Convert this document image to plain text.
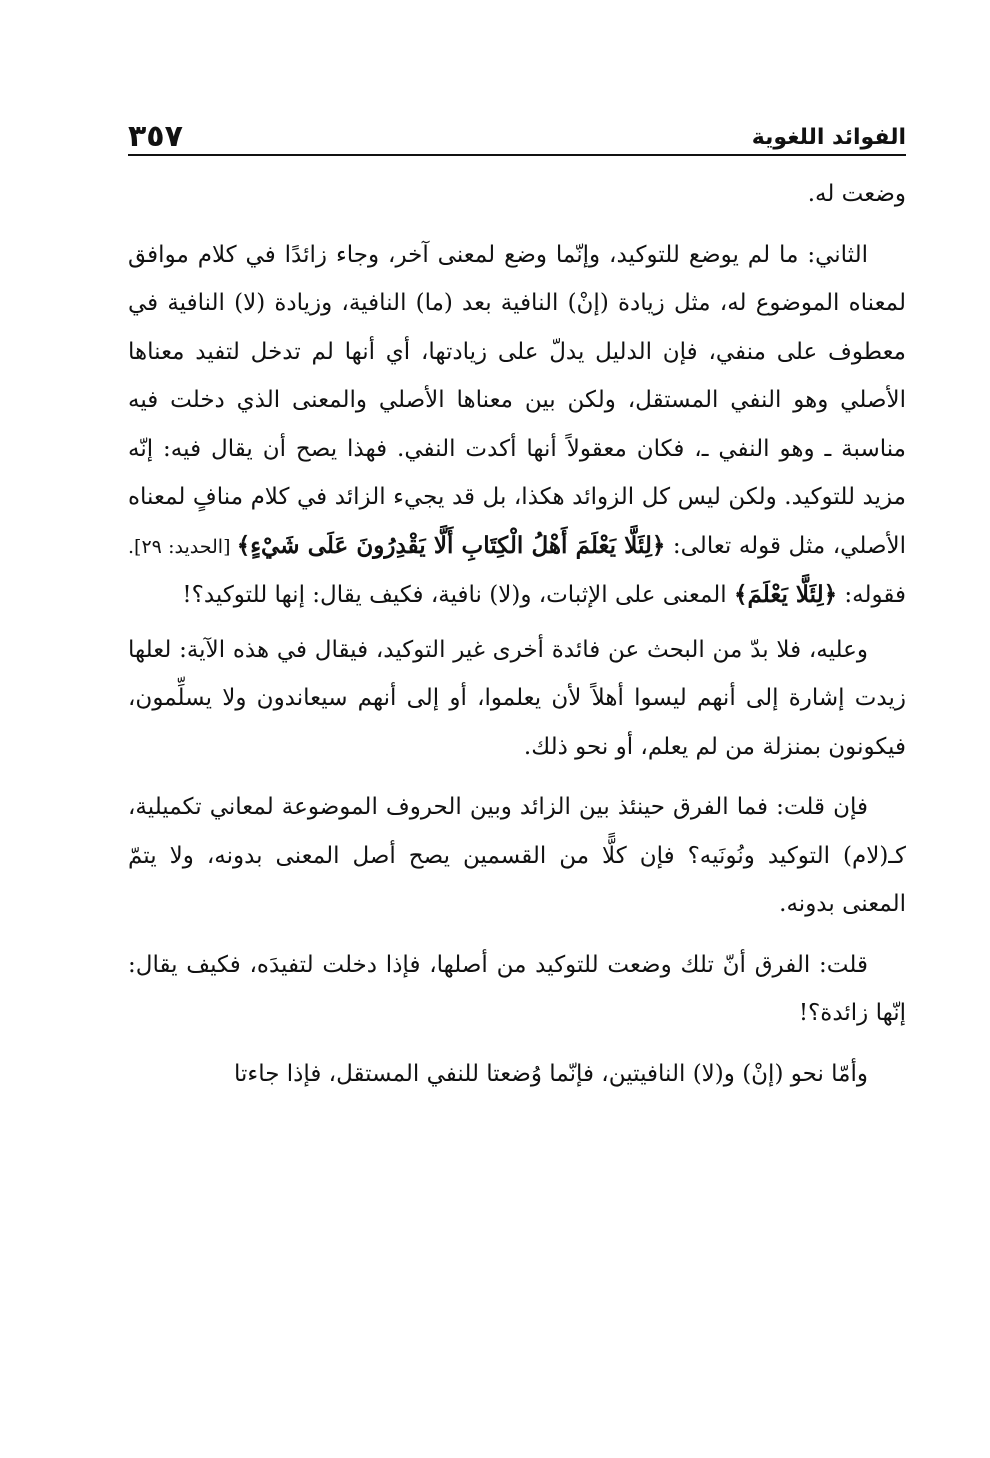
الفوائد اللغوية
٣٥٧

وضعت له.

الثاني: ما لم يوضع للتوكيد، وإنّما وضع لمعنى آخر، وجاء زائدًا في كلام موافق لمعناه الموضوع له، مثل زيادة (إنْ) النافية بعد (ما) النافية، وزيادة (لا) النافية في معطوف على منفي، فإن الدليل يدلّ على زيادتها، أي أنها لم تدخل لتفيد معناها الأصلي وهو النفي المستقل، ولكن بين معناها الأصلي والمعنى الذي دخلت فيه مناسبة ـ وهو النفي ـ، فكان معقولاً أنها أكدت النفي. فهذا يصح أن يقال فيه: إنّه مزيد للتوكيد. ولكن ليس كل الزوائد هكذا، بل قد يجيء الزائد في كلام منافٍ لمعناه الأصلي، مثل قوله تعالى: ﴿لِئَلَّا يَعْلَمَ أَهْلُ الْكِتَابِ أَلَّا يَقْدِرُونَ عَلَى شَيْءٍ﴾ [الحديد: ٢٩]. فقوله: ﴿لِئَلَّا يَعْلَمَ﴾ المعنى على الإثبات، و(لا) نافية، فكيف يقال: إنها للتوكيد؟!

وعليه، فلا بدّ من البحث عن فائدة أخرى غير التوكيد، فيقال في هذه الآية: لعلها زيدت إشارة إلى أنهم ليسوا أهلاً لأن يعلموا، أو إلى أنهم سيعاندون ولا يسلِّمون، فيكونون بمنزلة من لم يعلم، أو نحو ذلك.

فإن قلت: فما الفرق حينئذ بين الزائد وبين الحروف الموضوعة لمعاني تكميلية، كـ(لام) التوكيد ونُونَيه؟ فإن كلًّا من القسمين يصح أصل المعنى بدونه، ولا يتمّ المعنى بدونه.

قلت: الفرق أنّ تلك وضعت للتوكيد من أصلها، فإذا دخلت لتفيدَه، فكيف يقال: إنّها زائدة؟!

وأمّا نحو (إنْ) و(لا) النافيتين، فإنّما وُضعتا للنفي المستقل، فإذا جاءتا
